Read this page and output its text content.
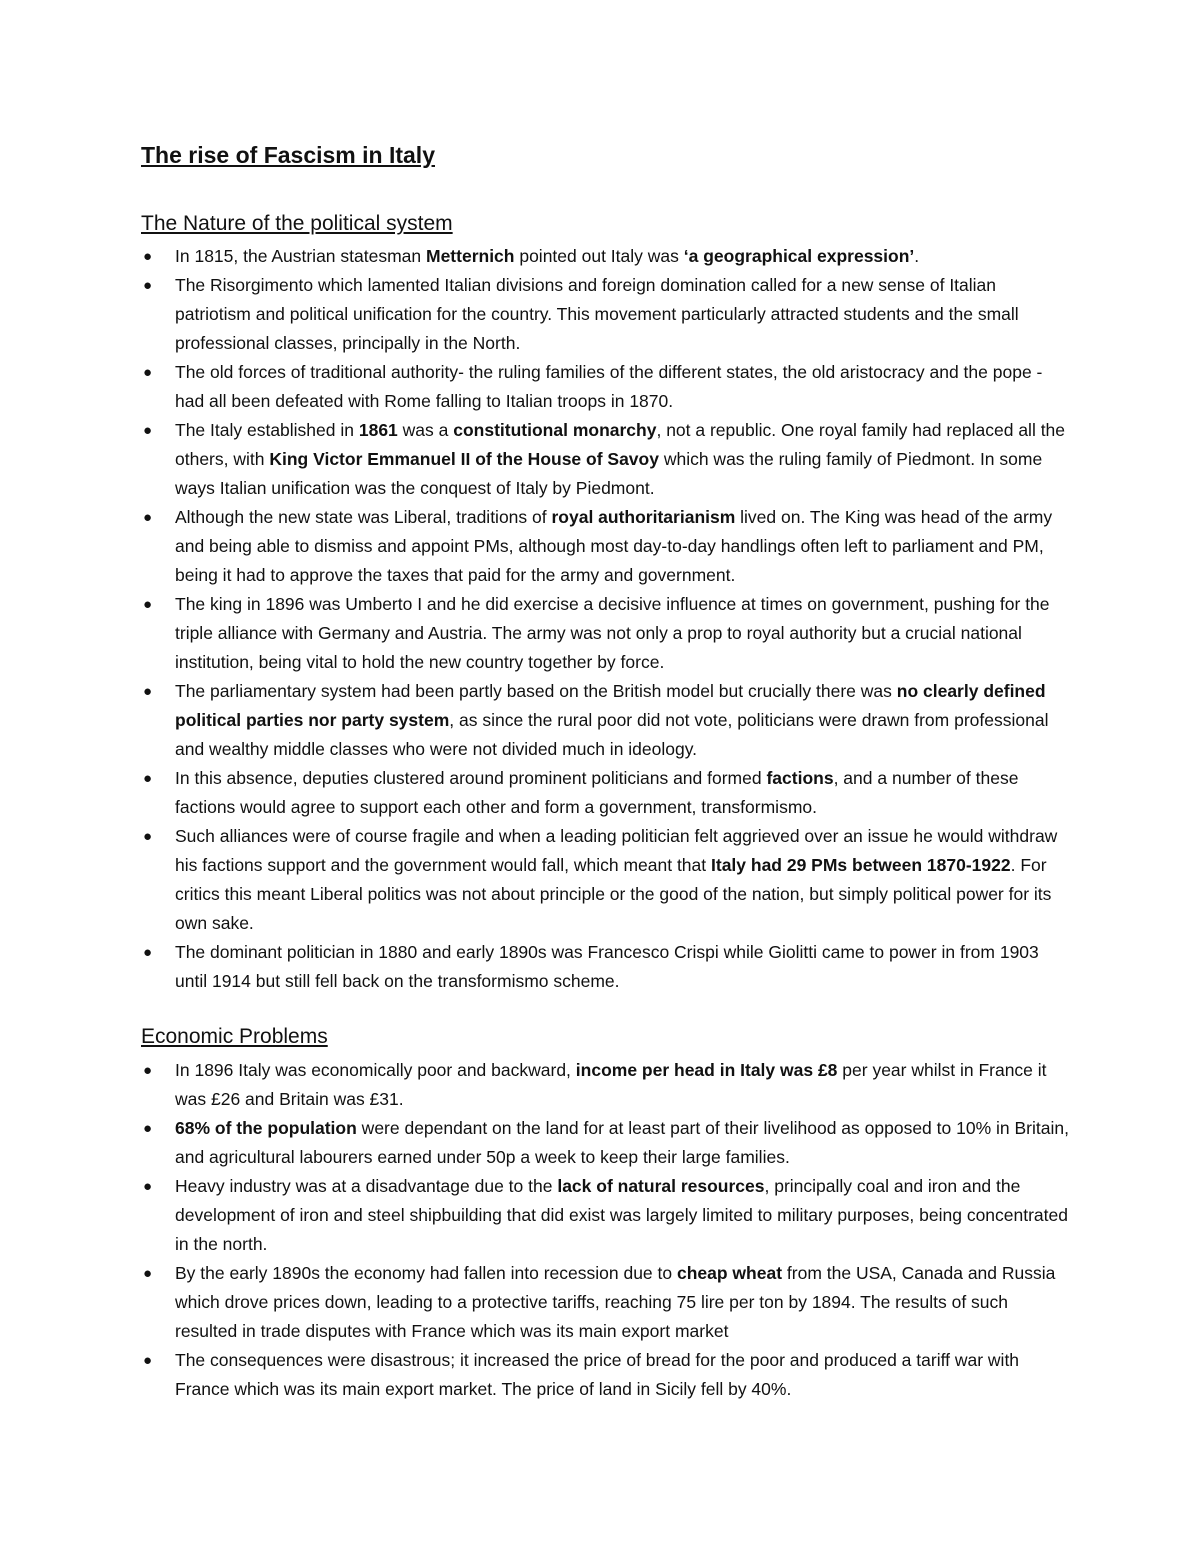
The rise of Fascism in Italy
The Nature of the political system
● In 1815, the Austrian statesman Metternich pointed out Italy was ‘a geographical expression’.
● The Risorgimento which lamented Italian divisions and foreign domination called for a new sense of Italian patriotism and political unification for the country. This movement particularly attracted students and the small professional classes, principally in the North.
● The old forces of traditional authority- the ruling families of the different states, the old aristocracy and the pope - had all been defeated with Rome falling to Italian troops in 1870.
● The Italy established in 1861 was a constitutional monarchy, not a republic. One royal family had replaced all the others, with King Victor Emmanuel II of the House of Savoy which was the ruling family of Piedmont. In some ways Italian unification was the conquest of Italy by Piedmont.
● Although the new state was Liberal, traditions of royal authoritarianism lived on. The King was head of the army and being able to dismiss and appoint PMs, although most day-to-day handlings often left to parliament and PM, being it had to approve the taxes that paid for the army and government.
● The king in 1896 was Umberto I and he did exercise a decisive influence at times on government, pushing for the triple alliance with Germany and Austria. The army was not only a prop to royal authority but a crucial national institution, being vital to hold the new country together by force.
● The parliamentary system had been partly based on the British model but crucially there was no clearly defined political parties nor party system, as since the rural poor did not vote, politicians were drawn from professional and wealthy middle classes who were not divided much in ideology.
● In this absence, deputies clustered around prominent politicians and formed factions, and a number of these factions would agree to support each other and form a government, transformismo.
● Such alliances were of course fragile and when a leading politician felt aggrieved over an issue he would withdraw his factions support and the government would fall, which meant that Italy had 29 PMs between 1870-1922. For critics this meant Liberal politics was not about principle or the good of the nation, but simply political power for its own sake.
● The dominant politician in 1880 and early 1890s was Francesco Crispi while Giolitti came to power in from 1903 until 1914 but still fell back on the transformismo scheme.
Economic Problems
● In 1896 Italy was economically poor and backward, income per head in Italy was £8 per year whilst in France it was £26 and Britain was £31.
● 68% of the population were dependant on the land for at least part of their livelihood as opposed to 10% in Britain, and agricultural labourers earned under 50p a week to keep their large families.
● Heavy industry was at a disadvantage due to the lack of natural resources, principally coal and iron and the development of iron and steel shipbuilding that did exist was largely limited to military purposes, being concentrated in the north.
● By the early 1890s the economy had fallen into recession due to cheap wheat from the USA, Canada and Russia which drove prices down, leading to a protective tariffs, reaching 75 lire per ton by 1894. The results of such resulted in trade disputes with France which was its main export market
● The consequences were disastrous; it increased the price of bread for the poor and produced a tariff war with France which was its main export market. The price of land in Sicily fell by 40%.
